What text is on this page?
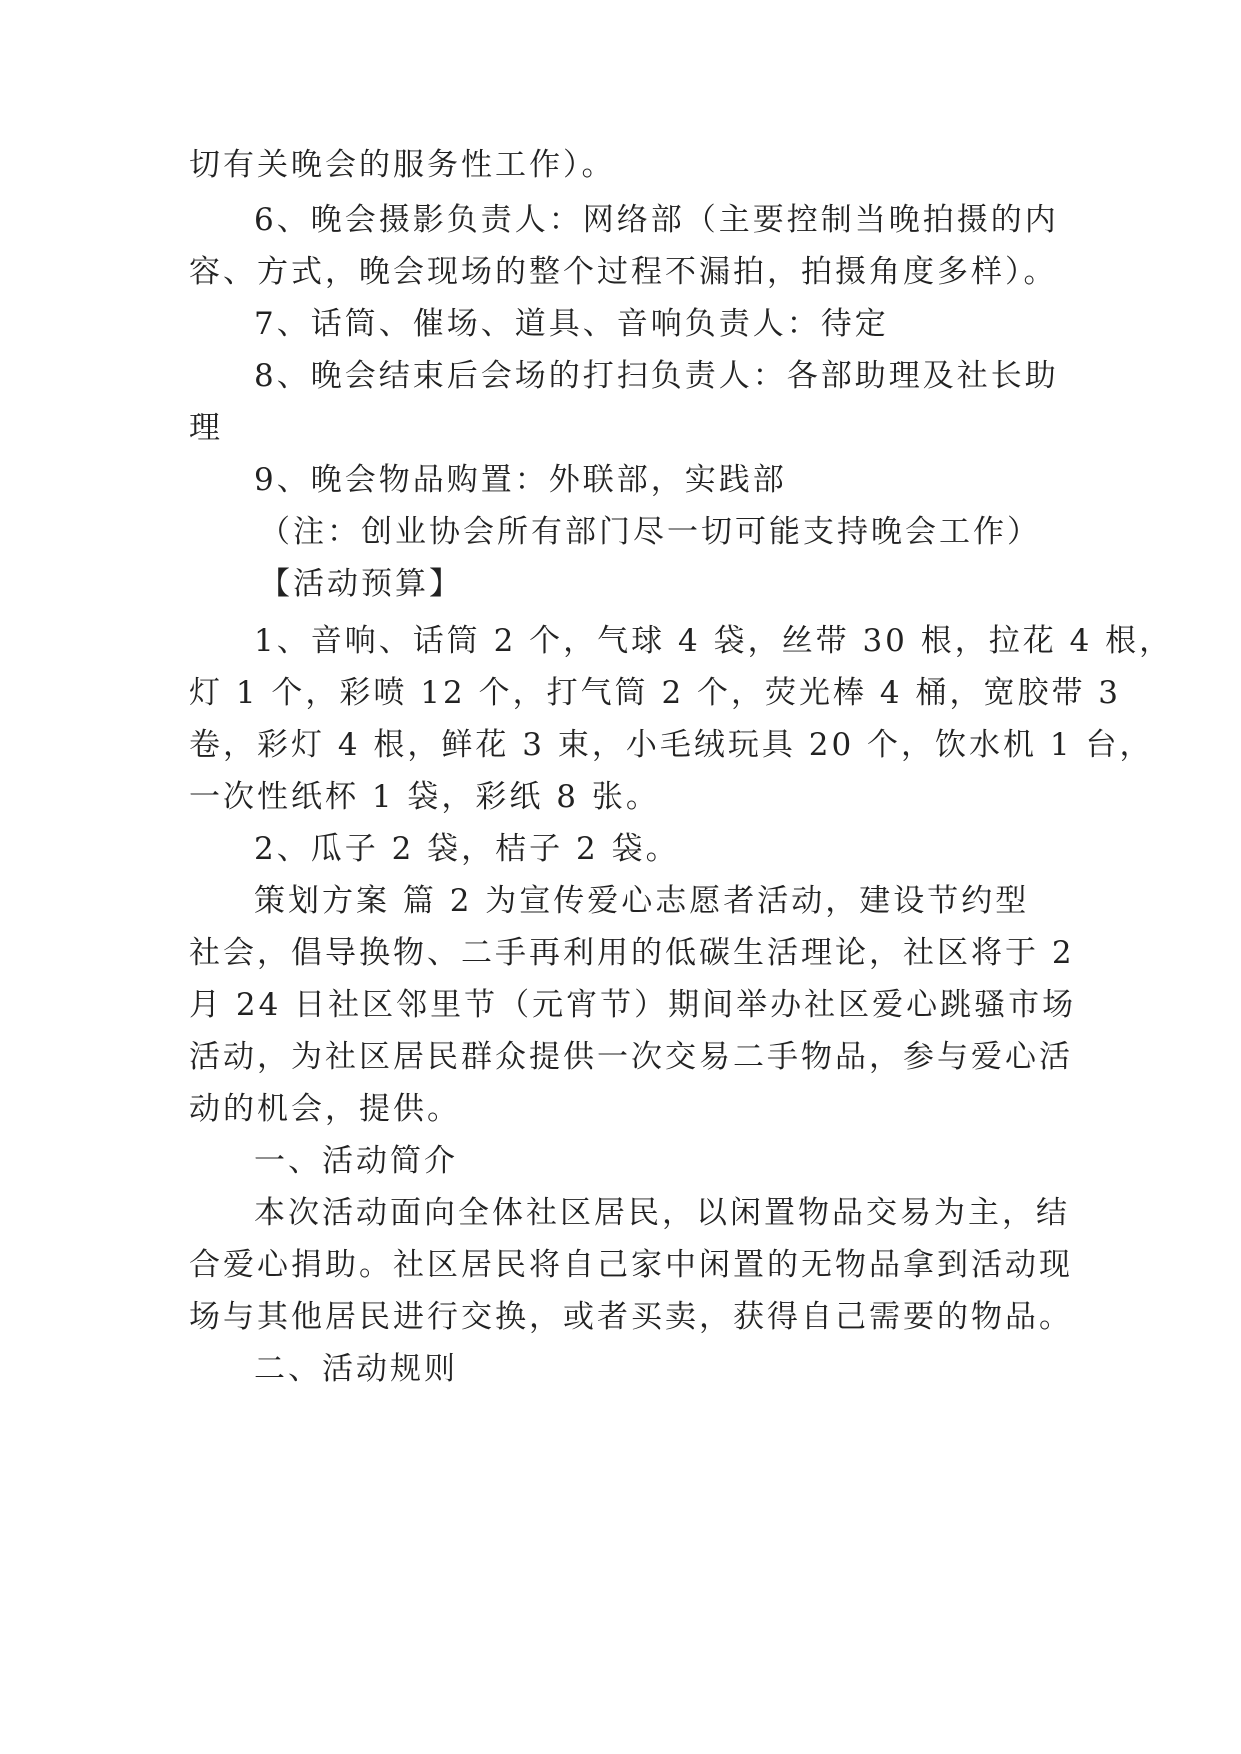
切有关晚会的服务性工作）。
6、晚会摄影负责人：网络部（主要控制当晚拍摄的内
容、方式，晚会现场的整个过程不漏拍，拍摄角度多样）。
7、话筒、催场、道具、音响负责人：待定
8、晚会结束后会场的打扫负责人：各部助理及社长助
理
9、晚会物品购置：外联部，实践部
（注：创业协会所有部门尽一切可能支持晚会工作）
【活动预算】
1、音响、话筒 2 个，气球 4 袋，丝带 30 根，拉花 4 根，
灯 1 个，彩喷 12 个，打气筒 2 个，荧光棒 4 桶，宽胶带 3
卷，彩灯 4 根，鲜花 3 束，小毛绒玩具 20 个，饮水机 1 台，
一次性纸杯 1 袋，彩纸 8 张。
2、瓜子 2 袋，桔子 2 袋。
策划方案 篇 2 为宣传爱心志愿者活动，建设节约型
社会，倡导换物、二手再利用的低碳生活理论，社区将于 2
月 24 日社区邻里节（元宵节）期间举办社区爱心跳骚市场
活动，为社区居民群众提供一次交易二手物品，参与爱心活
动的机会，提供。
一、活动简介
本次活动面向全体社区居民，以闲置物品交易为主，结
合爱心捐助。社区居民将自己家中闲置的无物品拿到活动现
场与其他居民进行交换，或者买卖，获得自己需要的物品。
二、活动规则
